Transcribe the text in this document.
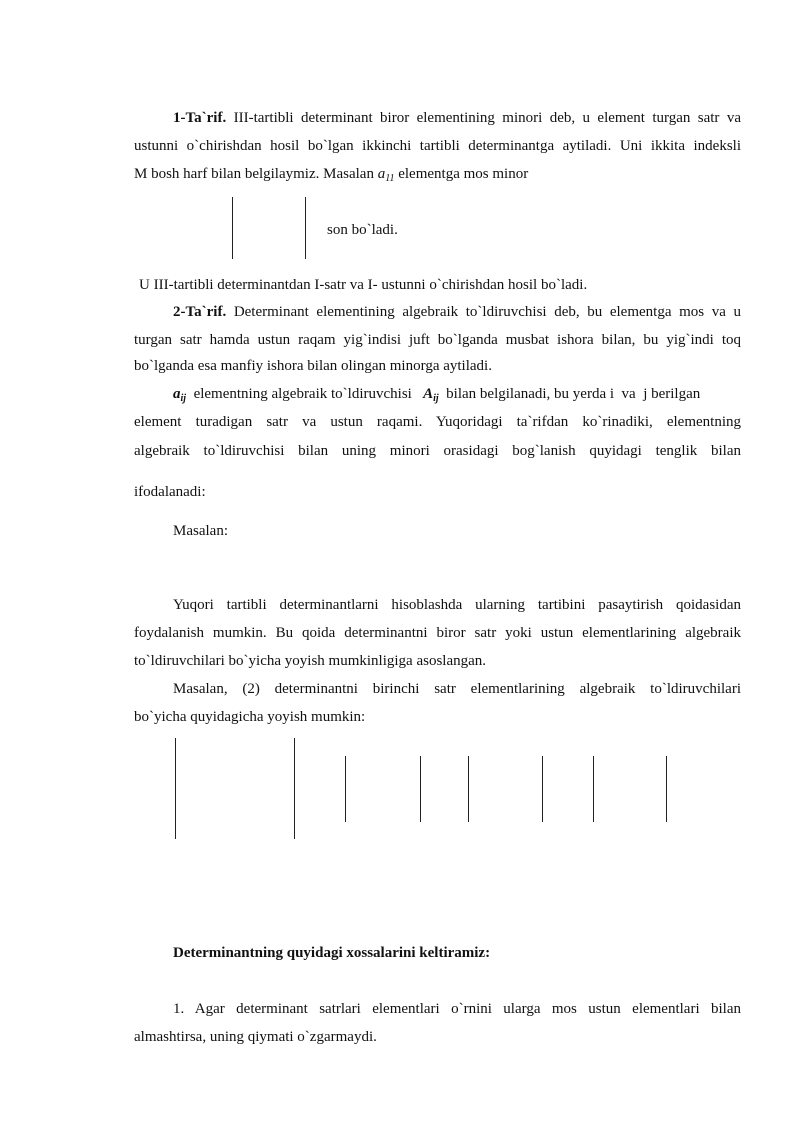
1-Ta`rif. III-tartibli determinant biror elementining minori deb, u element turgan satr va
ustunni o`chirishdan hosil bo`lgan ikkinchi tartibli determinantga aytiladi. Uni ikkita indeksli
M bosh harf bilan belgilaymiz. Masalan $a_{11}$ elementga mos minor
son bo`ladi.
U III-tartibli determinantdan I-satr va I- ustunni o`chirishdan hosil bo`ladi.
2-Ta`rif. Determinant elementining algebraik to`ldiruvchisi deb, bu elementga mos va u
turgan satr hamda ustun raqam yig`indisi juft bo`lganda musbat ishora bilan, bu yig`indi toq
bo`lganda esa manfiy ishora bilan olingan minorga aytiladi.
$a_{ij}$  elementning algebraik to`ldiruvchisi   $A_{ij}$  bilan belgilanadi, bu yerda i  va  j berilgan
element turadigan satr va ustun raqami. Yuqoridagi ta`rifdan ko`rinadiki, elementning
algebraik to`ldiruvchisi bilan uning minori orasidagi bog`lanish quyidagi tenglik bilan
ifodalanadi:
Masalan:
Yuqori tartibli determinantlarni hisoblashda ularning tartibini pasaytirish qoidasidan
foydalanish mumkin. Bu qoida determinantni biror satr yoki ustun elementlarining algebraik
to`ldiruvchilari bo`yicha yoyish mumkinligiga asoslangan.
Masalan, (2) determinantni birinchi satr elementlarining algebraik to`ldiruvchilari
bo`yicha quyidagicha yoyish mumkin:
Determinantning quyidagi xossalarini keltiramiz:
1. Agar determinant satrlari elementlari o`rnini ularga mos ustun elementlari bilan
almashtirsa, uning qiymati o`zgarmaydi.
